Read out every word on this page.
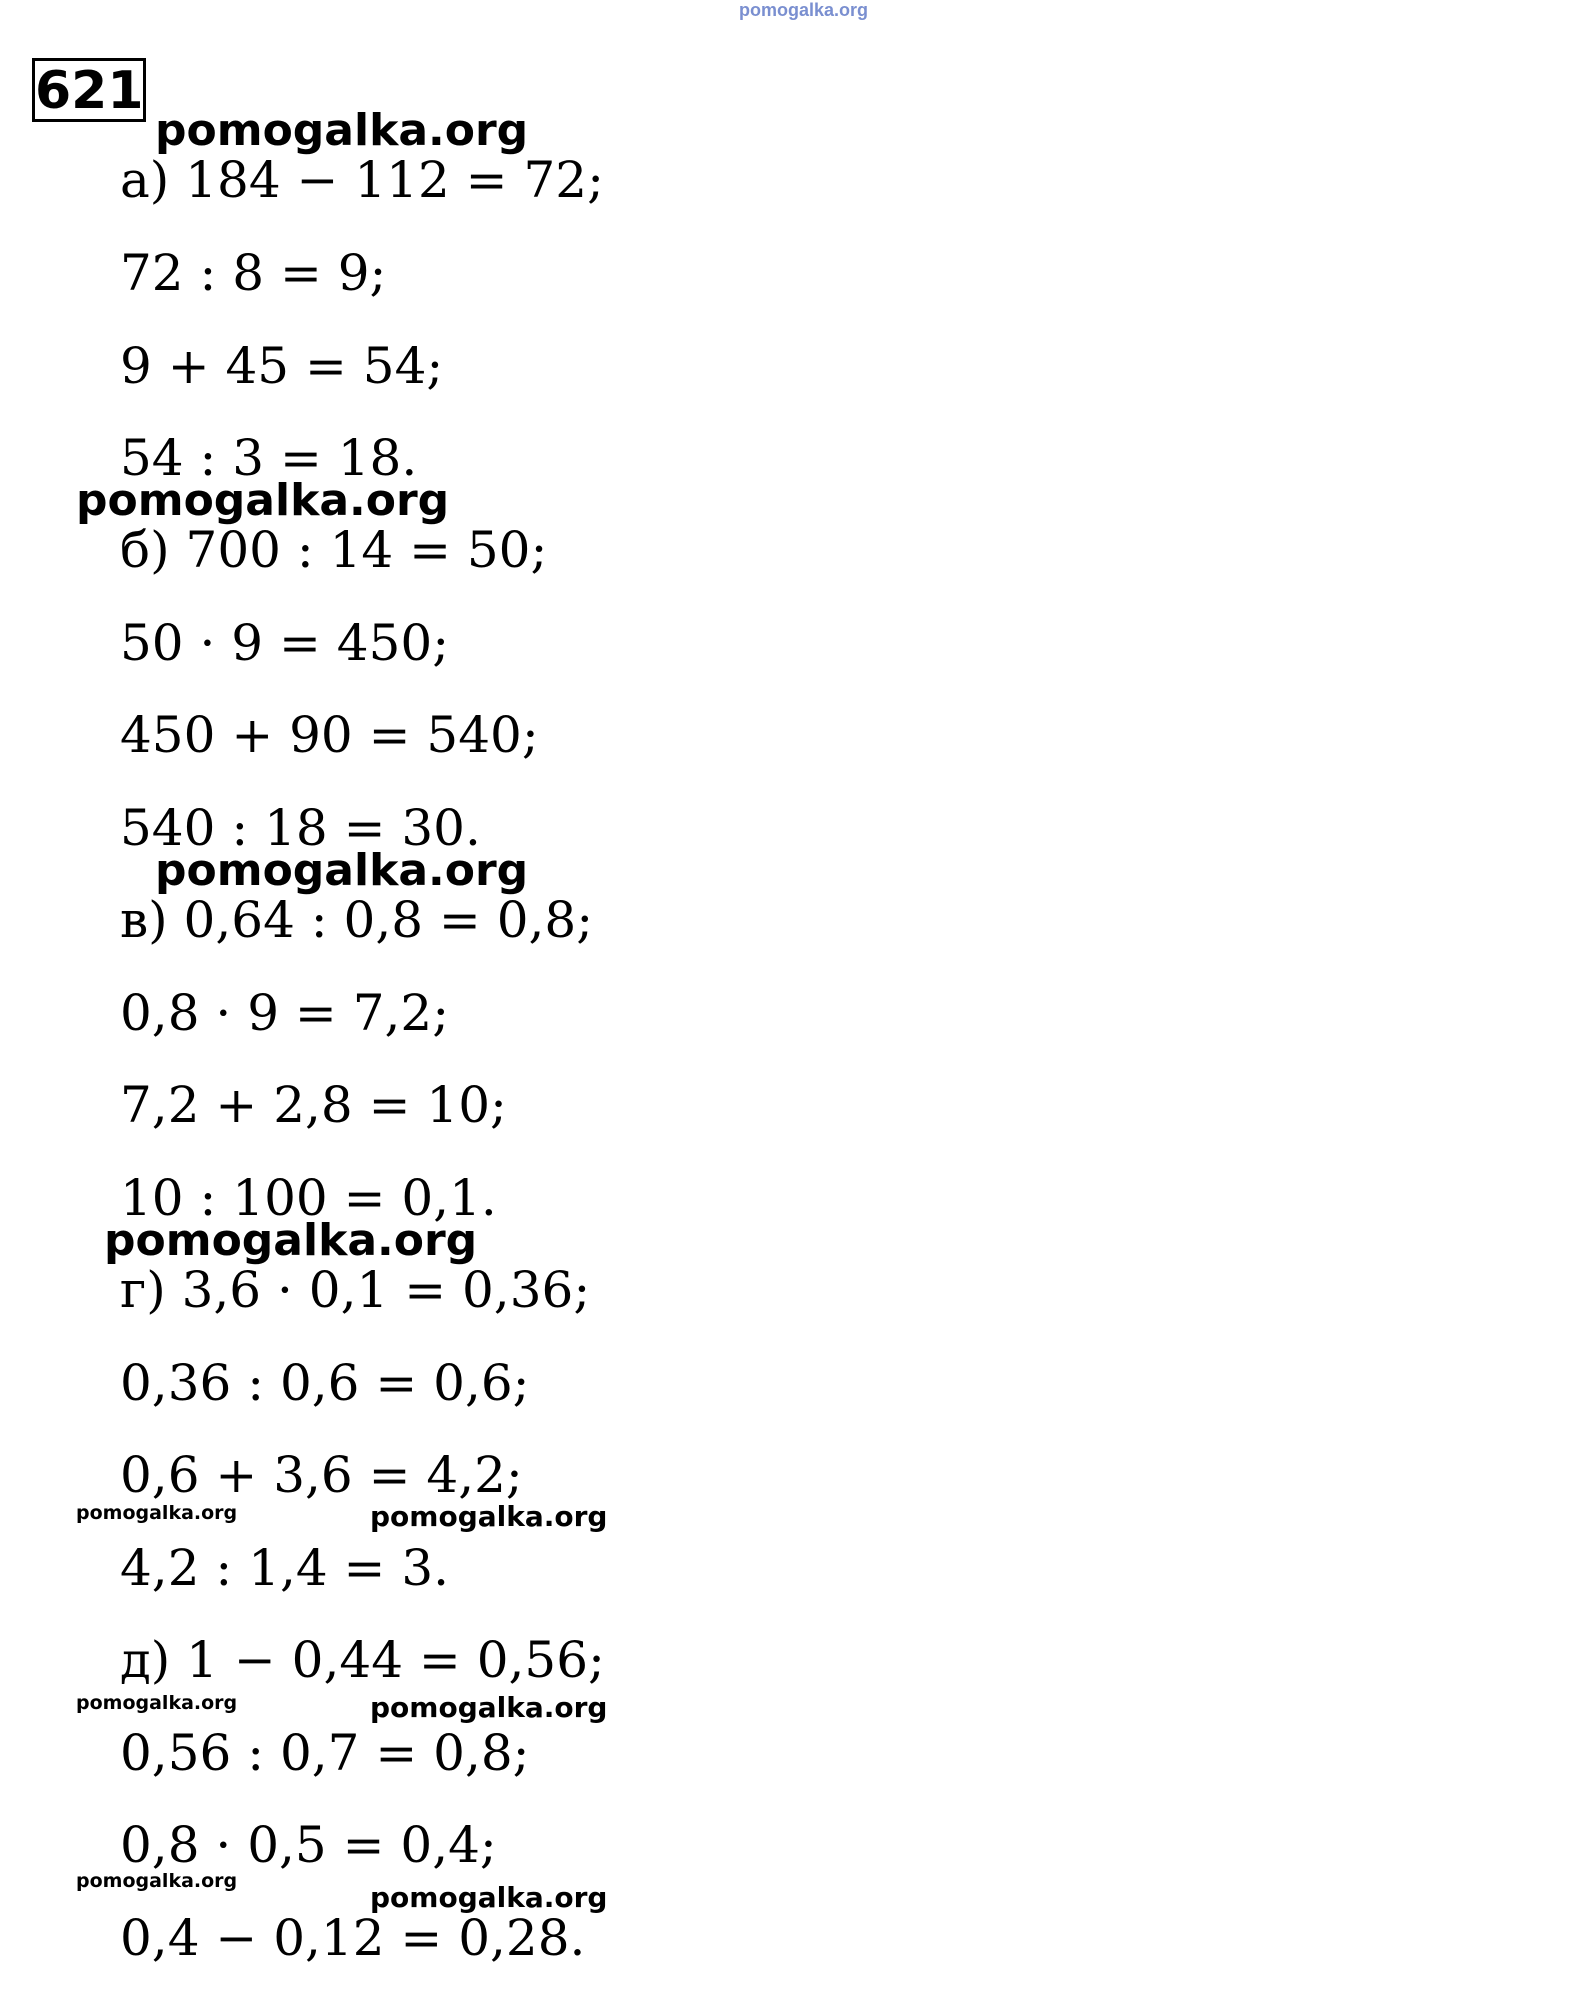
pomogalka.org
621
pomogalka.org
pomogalka.org
pomogalka.org
pomogalka.org
pomogalka.org	pomogalka.org
pomogalka.org	pomogalka.org
pomogalka.org	pomogalka.org
а) 184 − 112 = 72;
72 : 8 = 9;
9 + 45 = 54;
54 : 3 = 18.
б) 700 : 14 = 50;
50 · 9 = 450;
450 + 90 = 540;
540 : 18 = 30.
в) 0,64 : 0,8 = 0,8;
0,8 · 9 = 7,2;
7,2 + 2,8 = 10;
10 : 100 = 0,1.
г) 3,6 · 0,1 = 0,36;
0,36 : 0,6 = 0,6;
0,6 + 3,6 = 4,2;
4,2 : 1,4 = 3.
д) 1 − 0,44 = 0,56;
0,56 : 0,7 = 0,8;
0,8 · 0,5 = 0,4;
0,4 − 0,12 = 0,28.
